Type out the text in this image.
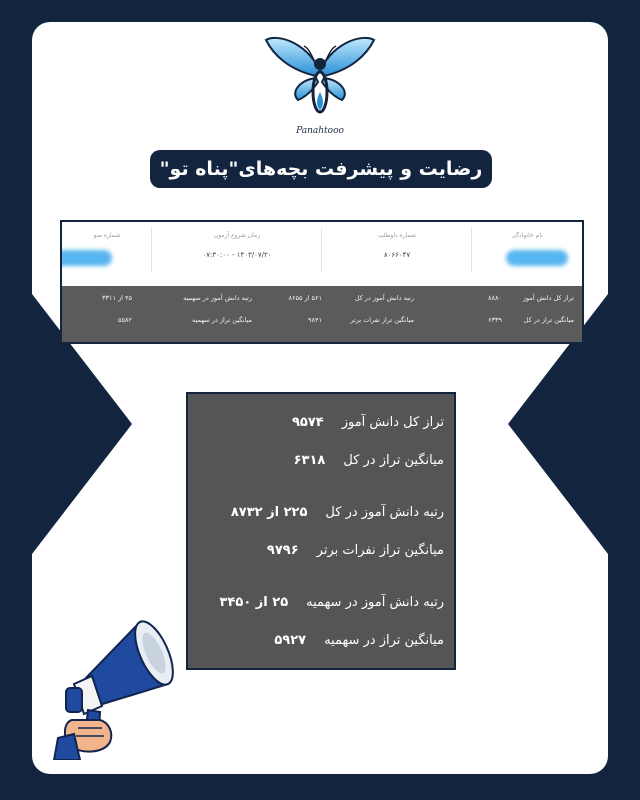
Panahtooo
رضایت و پیشرفت بچه‌های"پناه تو"
نام خانوادگی
شماره داوطلب
۸۰۶۶۰۴۷
زمان شروع آزمون
۱۴۰۳/۰۷/۲۰ - ۰۷:۳۰:۰۰
شماره صو
تراز کل دانش آموز
۸۸۸۰
رتبه دانش آموز در کل
۵۶۱ از ۸۶۵۵
رتبه دانش آموز در سهمیه
۴۵ از ۳۳۱۱
میانگین تراز در کل
۶۳۳۹
میانگین تراز نفرات برتر
۹۸۴۱
میانگین تراز در سهمیه
۵۵۸۲
تراز کل دانش آموز
۹۵۷۴
میانگین تراز در کل
۶۳۱۸
رتبه دانش آموز در کل
۲۲۵ از ۸۷۳۲
میانگین تراز نفرات برتر
۹۷۹۶
رتبه دانش آموز در سهمیه
۲۵ از ۳۴۵۰
میانگین تراز در سهمیه
۵۹۲۷
